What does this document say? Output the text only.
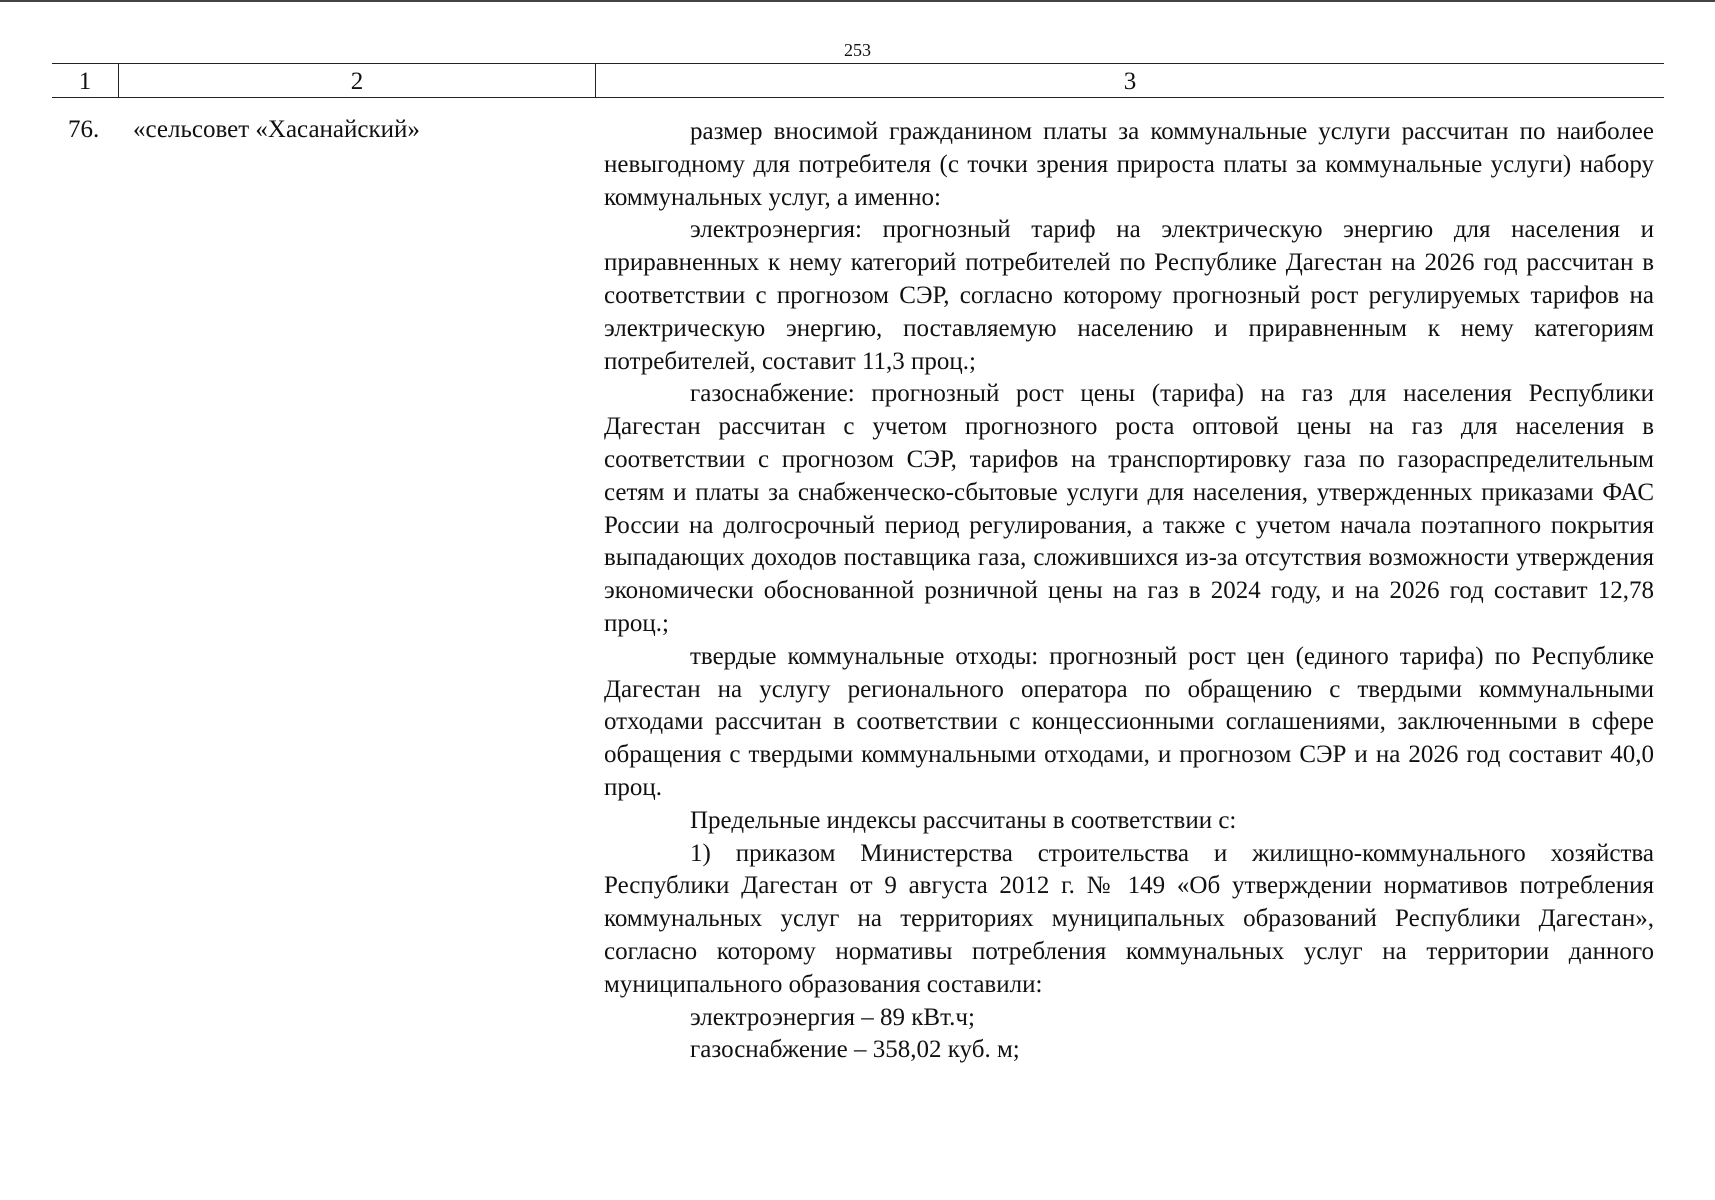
253
1	2	3
76. «сельсовет «Хасанайский»	размер вносимой гражданином платы за коммунальные услуги рассчитан по наиболее невыгодному для потребителя (с точки зрения прироста платы за коммунальные услуги) набору коммунальных услуг, а именно:

электроэнергия: прогнозный тариф на электрическую энергию для населения и приравненных к нему категорий потребителей по Республике Дагестан на 2026 год рассчитан в соответствии с прогнозом СЭР, согласно которому прогнозный рост регулируемых тарифов на электрическую энергию, поставляемую населению и приравненным к нему категориям потребителей, составит 11,3 проц.;

газоснабжение: прогнозный рост цены (тарифа) на газ для населения Республики Дагестан рассчитан с учетом прогнозного роста оптовой цены на газ для населения в соответствии с прогнозом СЭР, тарифов на транспортировку газа по газораспределительным сетям и платы за снабженческо-сбытовые услуги для населения, утвержденных приказами ФАС России на долгосрочный период регулирования, а также с учетом начала поэтапного покрытия выпадающих доходов поставщика газа, сложившихся из-за отсутствия возможности утверждения экономически обоснованной розничной цены на газ в 2024 году, и на 2026 год составит 12,78 проц.;

твердые коммунальные отходы: прогнозный рост цен (единого тарифа) по Республике Дагестан на услугу регионального оператора по обращению с твердыми коммунальными отходами рассчитан в соответствии с концессионными соглашениями, заключенными в сфере обращения с твердыми коммунальными отходами, и прогнозом СЭР и на 2026 год составит 40,0 проц.

Предельные индексы рассчитаны в соответствии с:

1) приказом Министерства строительства и жилищно-коммунального хозяйства Республики Дагестан от 9 августа 2012 г. № 149 «Об утверждении нормативов потребления коммунальных услуг на территориях муниципальных образований Республики Дагестан», согласно которому нормативы потребления коммунальных услуг на территории данного муниципального образования составили:

электроэнергия – 89 кВт.ч;

газоснабжение – 358,02 куб. м;
